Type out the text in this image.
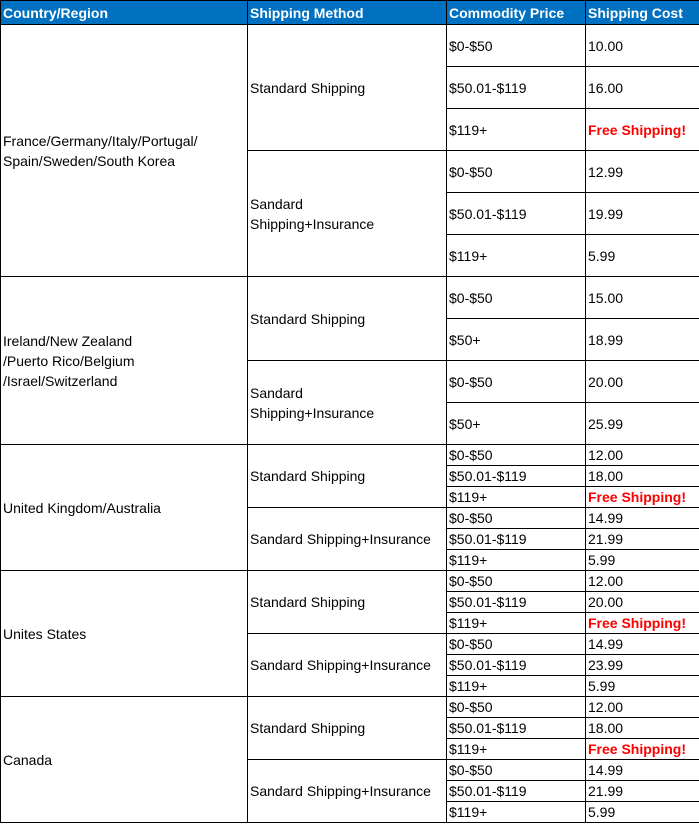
Country/Region	Shipping Method	Commodity Price	Shipping Cost
France/Germany/Italy/Portugal/
Spain/Sweden/South Korea	Standard Shipping	$0-$50	10.00
		$50.01-$119	16.00
		$119+	Free Shipping!
	Sandard
Shipping+Insurance	$0-$50	12.99
		$50.01-$119	19.99
		$119+	5.99
Ireland/New Zealand
/Puerto Rico/Belgium
/Israel/Switzerland	Standard Shipping	$0-$50	15.00
		$50+	18.99
	Sandard
Shipping+Insurance	$0-$50	20.00
		$50+	25.99
United Kingdom/Australia	Standard Shipping	$0-$50	12.00
		$50.01-$119	18.00
		$119+	Free Shipping!
	Sandard Shipping+Insurance	$0-$50	14.99
		$50.01-$119	21.99
		$119+	5.99
Unites States	Standard Shipping	$0-$50	12.00
		$50.01-$119	20.00
		$119+	Free Shipping!
	Sandard Shipping+Insurance	$0-$50	14.99
		$50.01-$119	23.99
		$119+	5.99
Canada	Standard Shipping	$0-$50	12.00
		$50.01-$119	18.00
		$119+	Free Shipping!
	Sandard Shipping+Insurance	$0-$50	14.99
		$50.01-$119	21.99
		$119+	5.99
